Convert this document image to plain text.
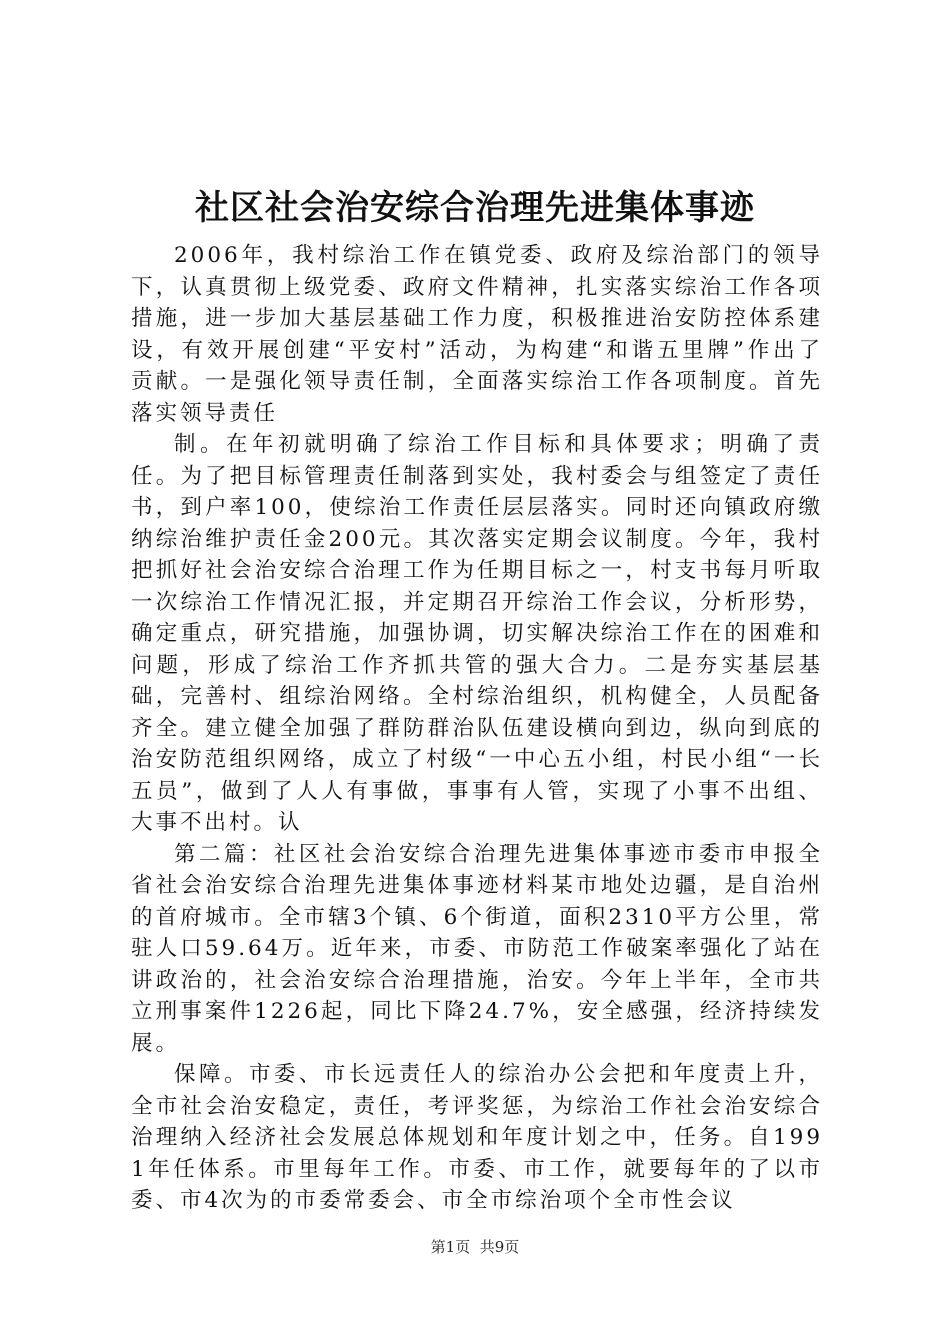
社区社会治安综合治理先进集体事迹

2006年，我村综治工作在镇党委、政府及综治部门的领导下，认真贯彻上级党委、政府文件精神，扎实落实综治工作各项措施，进一步加大基层基础工作力度，积极推进治安防控体系建设，有效开展创建“平安村”活动，为构建“和谐五里牌”作出了贡献。一是强化领导责任制，全面落实综治工作各项制度。首先落实领导责任

制。在年初就明确了综治工作目标和具体要求；明确了责任。为了把目标管理责任制落到实处，我村委会与组签定了责任书，到户率100，使综治工作责任层层落实。同时还向镇政府缴纳综治维护责任金200元。其次落实定期会议制度。今年，我村把抓好社会治安综合治理工作为任期目标之一，村支书每月听取一次综治工作情况汇报，并定期召开综治工作会议，分析形势，确定重点，研究措施，加强协调，切实解决综治工作在的困难和问题，形成了综治工作齐抓共管的强大合力。二是夯实基层基础，完善村、组综治网络。全村综治组织，机构健全，人员配备齐全。建立健全加强了群防群治队伍建设横向到边，纵向到底的治安防范组织网络，成立了村级“一中心五小组，村民小组“一长五员”，做到了人人有事做，事事有人管，实现了小事不出组、大事不出村。认

第二篇：社区社会治安综合治理先进集体事迹市委市申报全省社会治安综合治理先进集体事迹材料某市地处边疆，是自治州的首府城市。全市辖3个镇、6个街道，面积2310平方公里，常驻人口59.64万。近年来，市委、市防范工作破案率强化了站在讲政治的，社会治安综合治理措施，治安。今年上半年，全市共立刑事案件1226起，同比下降24.7%，安全感强，经济持续发展。

保障。市委、市长远责任人的综治办公会把和年度责上升，全市社会治安稳定，责任，考评奖惩，为综治工作社会治安综合治理纳入经济社会发展总体规划和年度计划之中，任务。自1991年任体系。市里每年工作。市委、市工作，就要每年的了以市委、市4次为的市委常委会、市全市综治项个全市性会议

第1页 共9页
